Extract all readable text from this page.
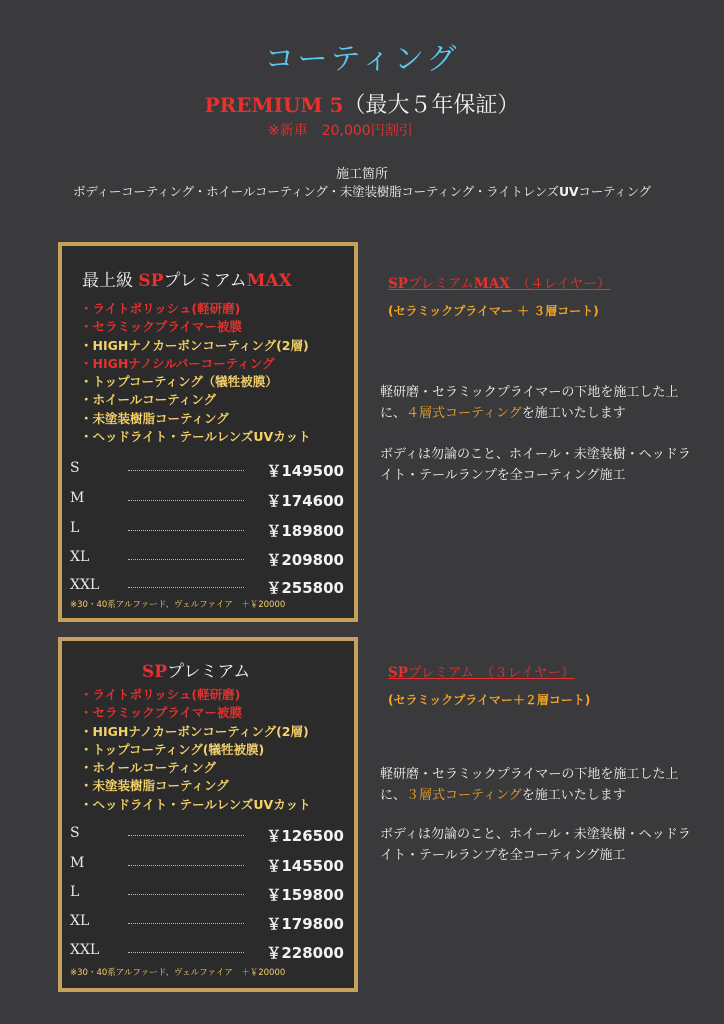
コーティング
PREMIUM 5（最大５年保証）
※新車　20,000円割引
施工箇所
ボディーコーティング・ホイールコーティング・未塗装樹脂コーティング・ライトレンズUVコーティング
最上級 SPプレミアムMAX
・ライトポリッシュ(軽研磨)
・セラミックプライマー被膜
・HIGHナノカーボンコーティング(2層)
・HIGHナノシルバーコーティング
・トップコーティング（犠牲被膜）
・ホイールコーティング
・未塗装樹脂コーティング
・ヘッドライト・テールレンズUVカット
S	￥149500
M	￥174600
L	￥189800
XL	￥209800
XXL	￥255800
※30・40系アルファード、ヴェルファイア　＋￥20000
SPプレミアムMAX　（４レイヤー）
(セラミックプライマー ＋ ３層コート)
軽研磨・セラミックプライマーの下地を施工した上に、４層式コーティングを施工いたします
ボディは勿論のこと、ホイール・未塗装樹・ヘッドライト・テールランプを全コーティング施工
SPプレミアム
・ライトポリッシュ(軽研磨)
・セラミックプライマー被膜
・HIGHナノカーボンコーティング(2層)
・トップコーティング(犠牲被膜)
・ホイールコーティング
・未塗装樹脂コーティング
・ヘッドライト・テールレンズUVカット
S	￥126500
M	￥145500
L	￥159800
XL	￥179800
XXL	￥228000
※30・40系アルファード、ヴェルファイア　＋￥20000
SPプレミアム　（３レイヤー）
(セラミックプライマー＋２層コート)
軽研磨・セラミックプライマーの下地を施工した上に、３層式コーティングを施工いたします
ボディは勿論のこと、ホイール・未塗装樹・ヘッドライト・テールランプを全コーティング施工
